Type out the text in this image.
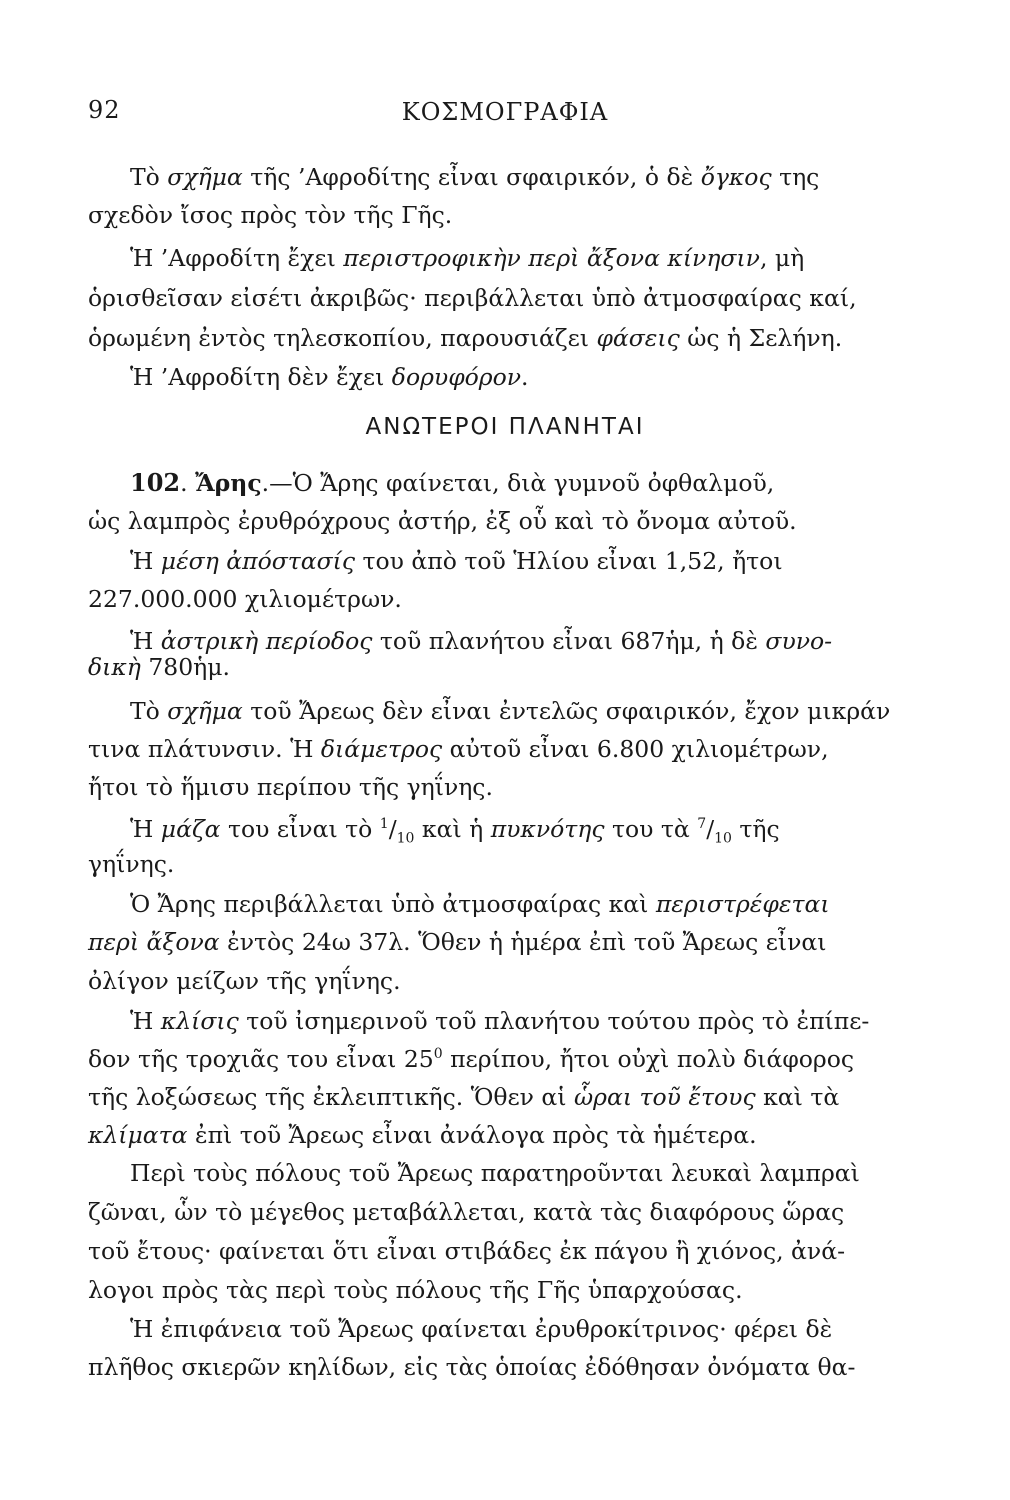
92	ΚΟΣΜΟΓΡΑΦΙΑ
Τὸ σχῆμα τῆς ’Αφροδίτης εἶναι σφαιρικόν, ὁ δὲ ὄγκος της
σχεδὸν ἴσος πρὸς τὸν τῆς Γῆς.
Ἡ ’Αφροδίτη ἔχει περιστροφικὴν περὶ ἄξονα κίνησιν, μὴ
ὁρισθεῖσαν εἰσέτι ἀκριβῶς· περιβάλλεται ὑπὸ ἀτμοσφαίρας καί,
ὁρωμένη ἐντὸς τηλεσκοπίου, παρουσιάζει φάσεις ὡς ἡ Σελήνη.
Ἡ ’Αφροδίτη δὲν ἔχει δορυφόρον.
ΑΝΩΤΕΡΟΙ ΠΛΑΝΗΤΑΙ
102. Ἄρης.—Ὁ Ἄρης φαίνεται, διὰ γυμνοῦ ὀφθαλμοῦ,
ὡς λαμπρὸς ἐρυθρόχρους ἀστήρ, ἐξ οὗ καὶ τὸ ὄνομα αὐτοῦ.
Ἡ μέση ἀπόστασίς του ἀπὸ τοῦ Ἡλίου εἶναι 1,52, ἤτοι
227.000.000 χιλιομέτρων.
Ἡ ἀστρικὴ περίοδος τοῦ πλανήτου εἶναι 687ἡμ, ἡ δὲ συνο-
δικὴ 780ἡμ.
Τὸ σχῆμα τοῦ Ἄρεως δὲν εἶναι ἐντελῶς σφαιρικόν, ἔχον μικράν
τινα πλάτυνσιν. Ἡ διάμετρος αὐτοῦ εἶναι 6.800 χιλιομέτρων,
ἤτοι τὸ ἥμισυ περίπου τῆς γηΐνης.
Ἡ μάζα του εἶναι τὸ $^1/_{10}$ καὶ ἡ πυκνότης του τὰ $^7/_{10}$ τῆς
γηΐνης.
Ὁ Ἄρης περιβάλλεται ὑπὸ ἀτμοσφαίρας καὶ περιστρέφεται
περὶ ἄξονα ἐντὸς 24ω 37λ. Ὅθεν ἡ ἡμέρα ἐπὶ τοῦ Ἄρεως εἶναι
ὀλίγον μείζων τῆς γηΐνης.
Ἡ κλίσις τοῦ ἰσημερινοῦ τοῦ πλανήτου τούτου πρὸς τὸ ἐπίπε-
δον τῆς τροχιᾶς του εἶναι $25^0$ περίπου, ἤτοι οὐχὶ πολὺ διάφορος
τῆς λοξώσεως τῆς ἐκλειπτικῆς. Ὅθεν αἱ ὧραι τοῦ ἔτους καὶ τὰ
κλίματα ἐπὶ τοῦ Ἄρεως εἶναι ἀνάλογα πρὸς τὰ ἡμέτερα.
Περὶ τοὺς πόλους τοῦ Ἄρεως παρατηροῦνται λευκαὶ λαμπραὶ
ζῶναι, ὧν τὸ μέγεθος μεταβάλλεται, κατὰ τὰς διαφόρους ὥρας
τοῦ ἔτους· φαίνεται ὅτι εἶναι στιβάδες ἐκ πάγου ἢ χιόνος, ἀνά-
λογοι πρὸς τὰς περὶ τοὺς πόλους τῆς Γῆς ὑπαρχούσας.
Ἡ ἐπιφάνεια τοῦ Ἄρεως φαίνεται ἐρυθροκίτρινος· φέρει δὲ
πλῆθος σκιερῶν κηλίδων, εἰς τὰς ὁποίας ἐδόθησαν ὀνόματα θα-
